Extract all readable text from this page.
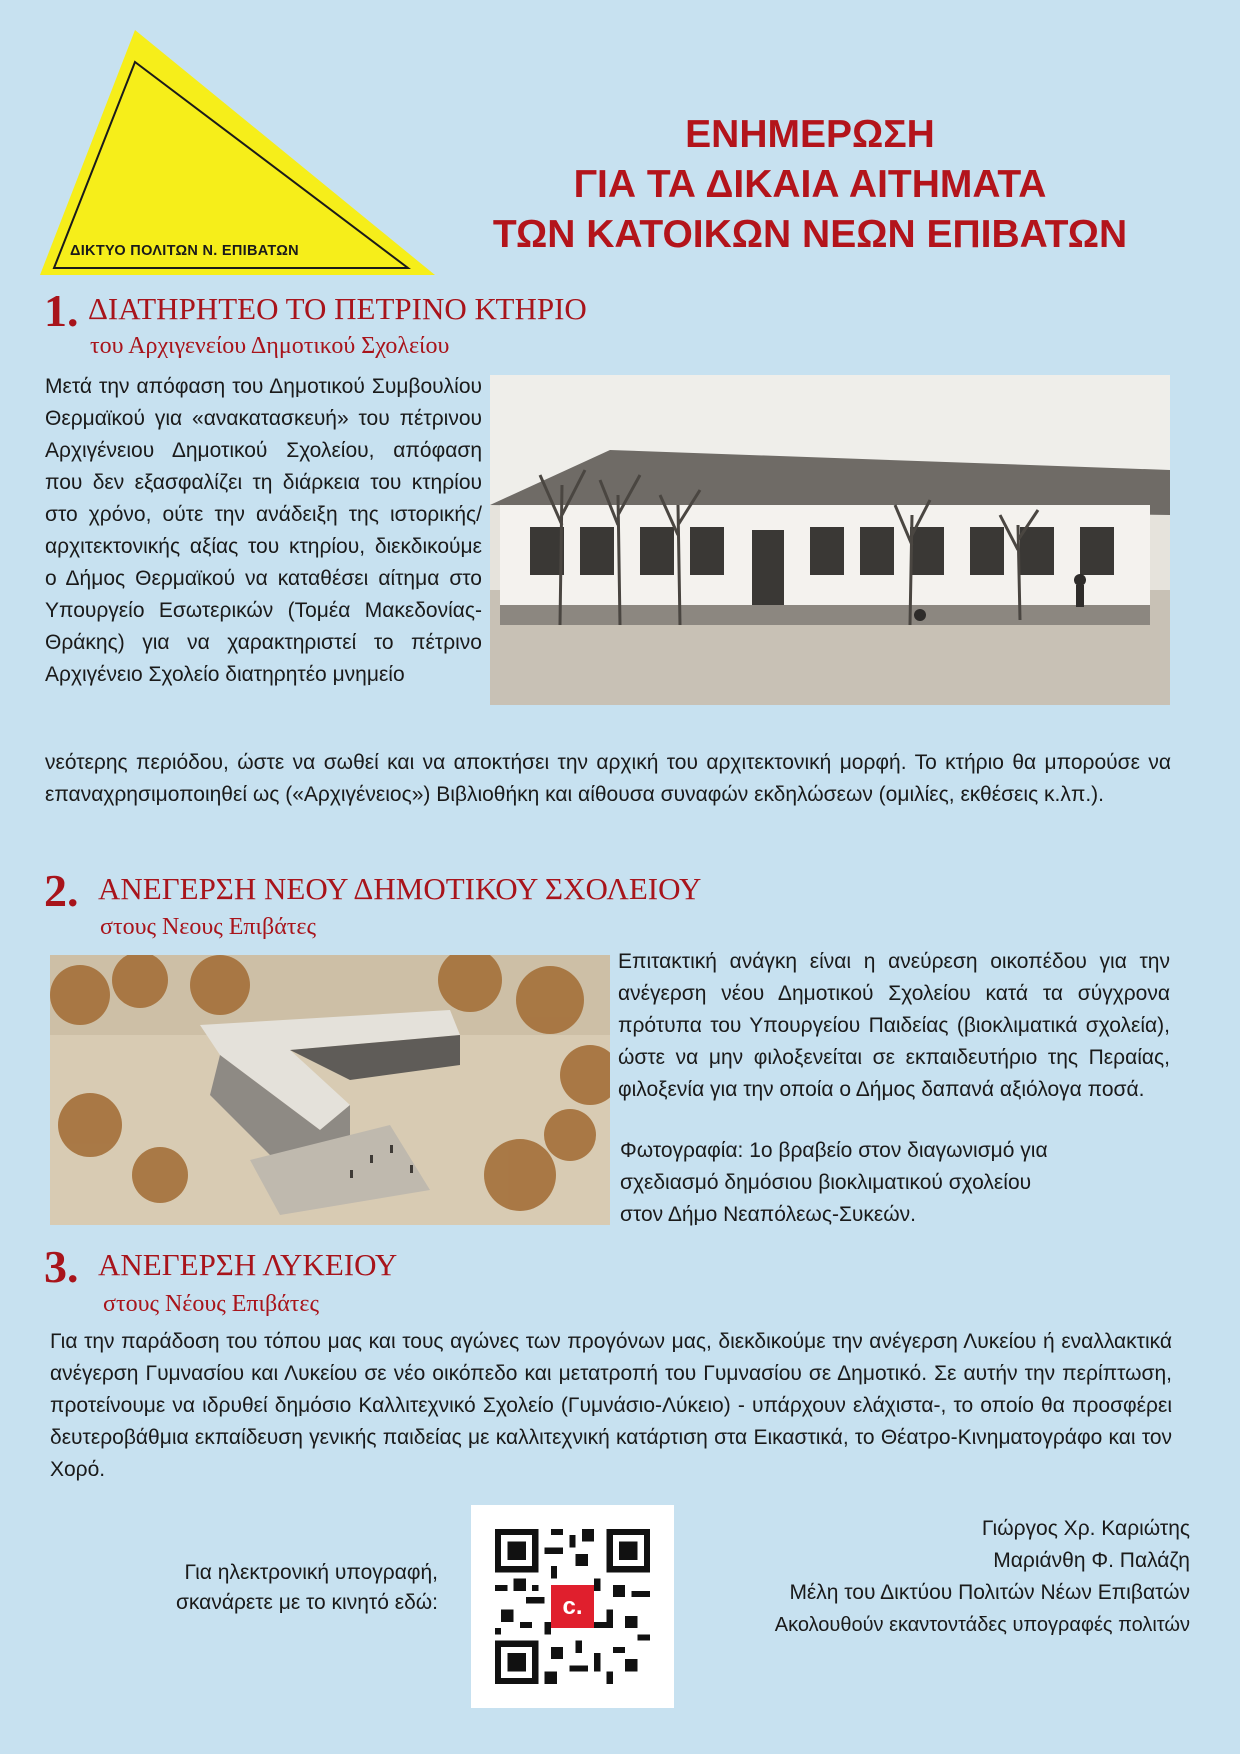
ΔΙΚΤΥΟ ΠΟΛΙΤΩΝ Ν. ΕΠΙΒΑΤΩΝ
ΕΝΗΜΕΡΩΣΗ
ΓΙΑ ΤΑ ΔΙΚΑΙΑ ΑΙΤΗΜΑΤΑ
ΤΩΝ ΚΑΤΟΙΚΩΝ ΝΕΩΝ ΕΠΙΒΑΤΩΝ
1. ΔΙΑΤΗΡΗΤΕΟ ΤΟ ΠΕΤΡΙΝΟ ΚΤΗΡΙΟ
του Αρχιγενείου Δημοτικού Σχολείου
Μετά την απόφαση του Δημοτικού Συμβουλίου Θερμαϊκού για «ανακατασκευή» του πέτρινου Αρχιγένειου Δημοτικού Σχολείου, απόφαση που δεν εξασφαλίζει τη διάρκεια του κτηρίου στο χρόνο, ούτε την ανάδειξη της ιστορικής/αρχιτεκτονικής αξίας του κτηρίου, διεκδικούμε ο Δήμος Θερμαϊκού να καταθέσει αίτημα στο Υπουργείο Εσωτερικών (Τομέα Μακεδονίας-Θράκης) για να χαρακτηριστεί το πέτρινο Αρχιγένειο Σχολείο διατηρητέο μνημείο
νεότερης περιόδου, ώστε να σωθεί και να αποκτήσει την αρχική του αρχιτεκτονική μορφή. Το κτήριο θα μπορούσε να επαναχρησιμοποιηθεί ως («Αρχιγένειος») Βιβλιοθήκη και αίθουσα συναφών εκδηλώσεων (ομιλίες, εκθέσεις κ.λπ.).
2. ΑΝΕΓΕΡΣΗ ΝΕΟΥ ΔΗΜΟΤΙΚΟΥ ΣΧΟΛΕΙΟΥ
στους Νεους Επιβάτες
Επιτακτική ανάγκη είναι η ανεύρεση οικοπέδου για την ανέγερση νέου Δημοτικού Σχολείου κατά τα σύγχρονα πρότυπα του Υπουργείου Παιδείας (βιοκλιματικά σχολεία), ώστε να μην φιλοξενείται σε εκπαιδευτήριο της Περαίας, φιλοξενία για την οποία ο Δήμος δαπανά αξιόλογα ποσά.
Φωτογραφία: 1ο βραβείο στον διαγωνισμό για
σχεδιασμό δημόσιου βιοκλιματικού σχολείου
στον Δήμο Νεαπόλεως-Συκεών.
3. ΑΝΕΓΕΡΣΗ ΛΥΚΕΙΟΥ
στους Νέους Επιβάτες
Για την παράδοση του τόπου μας και τους αγώνες των προγόνων μας, διεκδικούμε την ανέγερση Λυκείου ή εναλλακτικά ανέγερση Γυμνασίου και Λυκείου σε νέο οικόπεδο και μετατροπή του Γυμνασίου σε Δημοτικό. Σε αυτήν την περίπτωση, προτείνουμε να ιδρυθεί δημόσιο Καλλιτεχνικό Σχολείο (Γυμνάσιο-Λύκειο) - υπάρχουν ελάχιστα-, το οποίο θα προσφέρει δευτεροβάθμια εκπαίδευση γενικής παιδείας με καλλιτεχνική κατάρτιση στα Εικαστικά, το Θέατρο-Κινηματογράφο και τον Χορό.
Για ηλεκτρονική υπογραφή,
σκανάρετε με το κινητό εδώ:	c.
Γιώργος Χρ. Καριώτης
Μαριάνθη Φ. Παλάζη
Μέλη του Δικτύου Πολιτών Νέων Επιβατών
Ακολουθούν εκαντοντάδες υπογραφές πολιτών
